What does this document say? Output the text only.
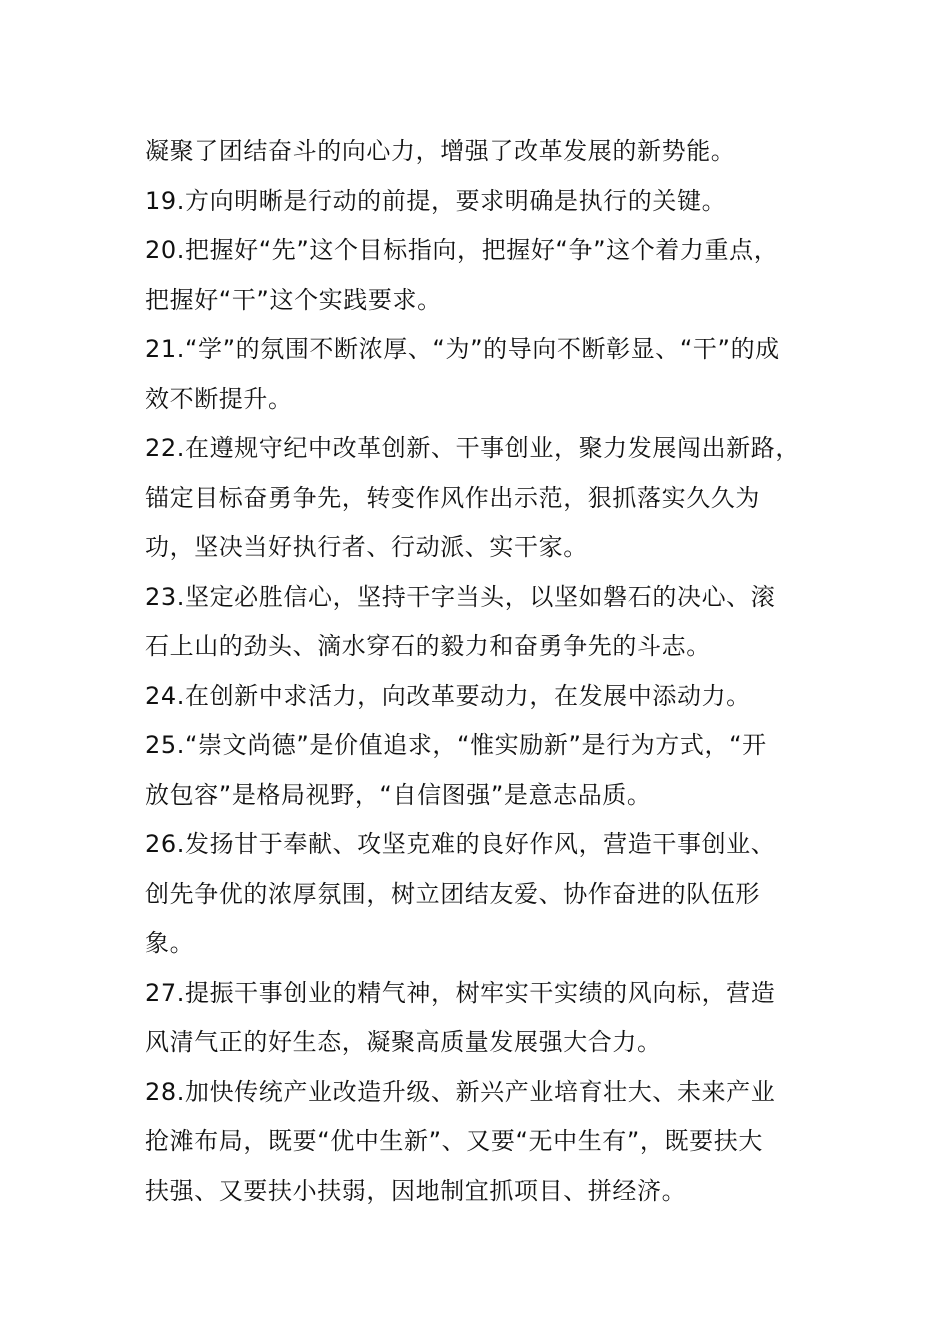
凝聚了团结奋斗的向心力，增强了改革发展的新势能。
19.方向明晰是行动的前提，要求明确是执行的关键。
20.把握好“先”这个目标指向，把握好“争”这个着力重点，
把握好“干”这个实践要求。
21.“学”的氛围不断浓厚、“为”的导向不断彰显、“干”的成
效不断提升。
22.在遵规守纪中改革创新、干事创业，聚力发展闯出新路，
锚定目标奋勇争先，转变作风作出示范，狠抓落实久久为
功，坚决当好执行者、行动派、实干家。
23.坚定必胜信心，坚持干字当头，以坚如磐石的决心、滚
石上山的劲头、滴水穿石的毅力和奋勇争先的斗志。
24.在创新中求活力，向改革要动力，在发展中添动力。
25.“崇文尚德”是价值追求，“惟实励新”是行为方式，“开
放包容”是格局视野，“自信图强”是意志品质。
26.发扬甘于奉献、攻坚克难的良好作风，营造干事创业、
创先争优的浓厚氛围，树立团结友爱、协作奋进的队伍形
象。
27.提振干事创业的精气神，树牢实干实绩的风向标，营造
风清气正的好生态，凝聚高质量发展强大合力。
28.加快传统产业改造升级、新兴产业培育壮大、未来产业
抢滩布局，既要“优中生新”、又要“无中生有”，既要扶大
扶强、又要扶小扶弱，因地制宜抓项目、拼经济。
